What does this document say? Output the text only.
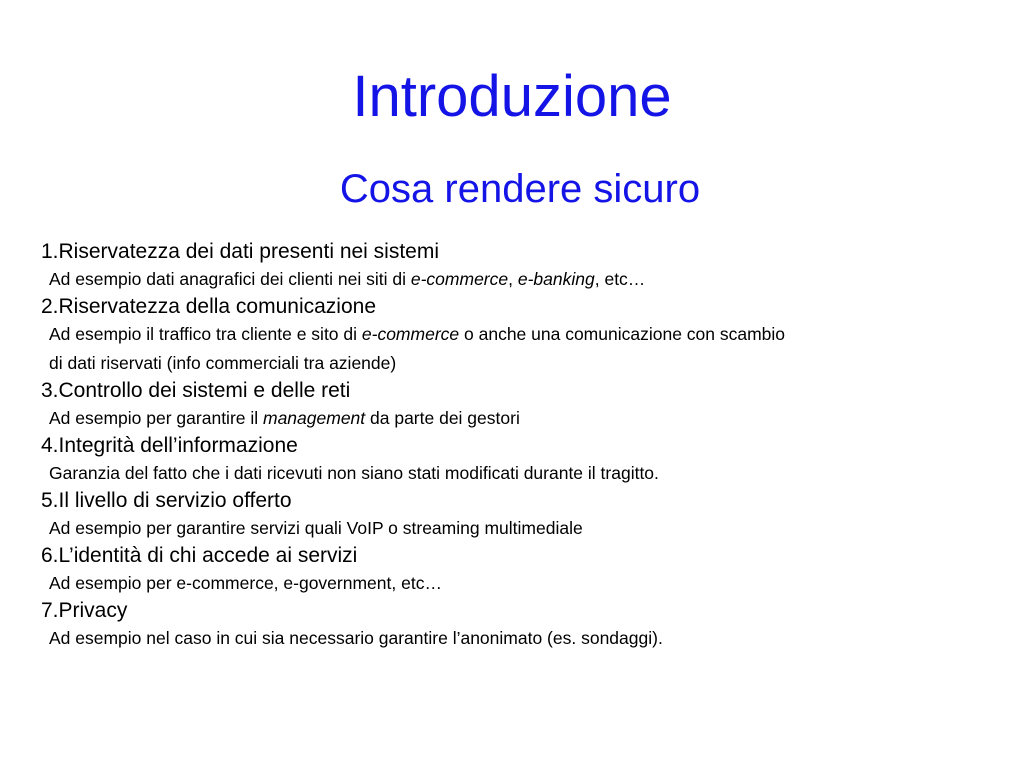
Introduzione
Cosa rendere sicuro
1.Riservatezza dei dati presenti nei sistemi
Ad esempio dati anagrafici dei clienti nei siti di e-commerce, e-banking, etc…
2.Riservatezza della comunicazione
Ad esempio il traffico tra cliente e sito di e-commerce o anche una comunicazione con scambio
di dati riservati (info commerciali tra aziende)
3.Controllo dei sistemi e delle reti
Ad esempio per garantire il management da parte dei gestori
4.Integrità dell’informazione
Garanzia del fatto che i dati ricevuti non siano stati modificati durante il tragitto.
5.Il livello di servizio offerto
Ad esempio per garantire servizi quali VoIP o streaming multimediale
6.L’identità di chi accede ai servizi
Ad esempio per e-commerce, e-government, etc…
7.Privacy
Ad esempio nel caso in cui sia necessario garantire l’anonimato (es. sondaggi).
